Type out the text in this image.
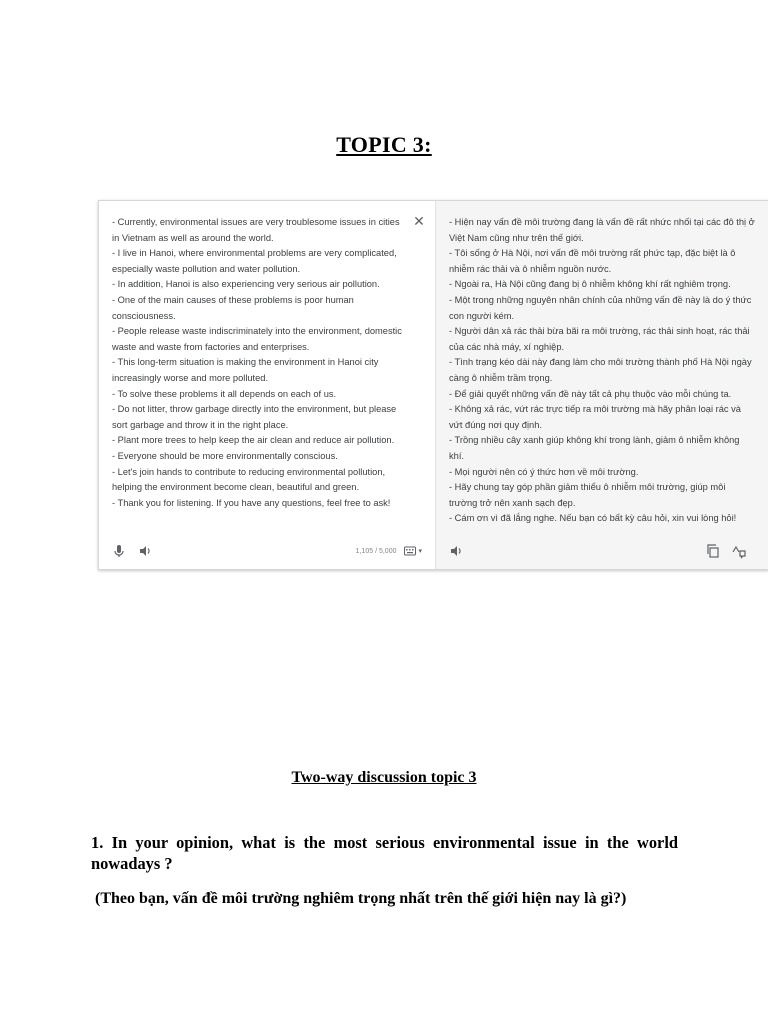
TOPIC 3:
- Currently, environmental issues are very troublesome issues in cities in Vietnam as well as around the world.
- I live in Hanoi, where environmental problems are very complicated, especially waste pollution and water pollution.
- In addition, Hanoi is also experiencing very serious air pollution.
- One of the main causes of these problems is poor human consciousness.
- People release waste indiscriminately into the environment, domestic waste and waste from factories and enterprises.
- This long-term situation is making the environment in Hanoi city increasingly worse and more polluted.
- To solve these problems it all depends on each of us.
- Do not litter, throw garbage directly into the environment, but please sort garbage and throw it in the right place.
- Plant more trees to help keep the air clean and reduce air pollution.
- Everyone should be more environmentally conscious.
- Let's join hands to contribute to reducing environmental pollution, helping the environment become clean, beautiful and green.
- Thank you for listening. If you have any questions, feel free to ask!
✕
1,105 / 5,000	▾
- Hiện nay vấn đề môi trường đang là vấn đề rất nhức nhối tại các đô thị ở Việt Nam cũng như trên thế giới.
- Tôi sống ở Hà Nội, nơi vấn đề môi trường rất phức tạp, đặc biệt là ô nhiễm rác thải và ô nhiễm nguồn nước.
- Ngoài ra, Hà Nội cũng đang bị ô nhiễm không khí rất nghiêm trọng.
- Một trong những nguyên nhân chính của những vấn đề này là do ý thức con người kém.
- Người dân xả rác thải bừa bãi ra môi trường, rác thải sinh hoạt, rác thải của các nhà máy, xí nghiệp.
- Tình trạng kéo dài này đang làm cho môi trường thành phố Hà Nội ngày càng ô nhiễm trầm trọng.
- Để giải quyết những vấn đề này tất cả phụ thuộc vào mỗi chúng ta.
- Không xả rác, vứt rác trực tiếp ra môi trường mà hãy phân loại rác và vứt đúng nơi quy định.
- Trồng nhiều cây xanh giúp không khí trong lành, giảm ô nhiễm không khí.
- Mọi người nên có ý thức hơn về môi trường.
- Hãy chung tay góp phần giảm thiểu ô nhiễm môi trường, giúp môi trường trở nên xanh sạch đẹp.
- Cám ơn vì đã lắng nghe. Nếu bạn có bất kỳ câu hỏi, xin vui lòng hỏi!
Two-way discussion topic 3
1. In your opinion, what is the most serious environmental issue in the world nowadays ?
(Theo bạn, vấn đề môi trường nghiêm trọng nhất trên thế giới hiện nay là gì?)
